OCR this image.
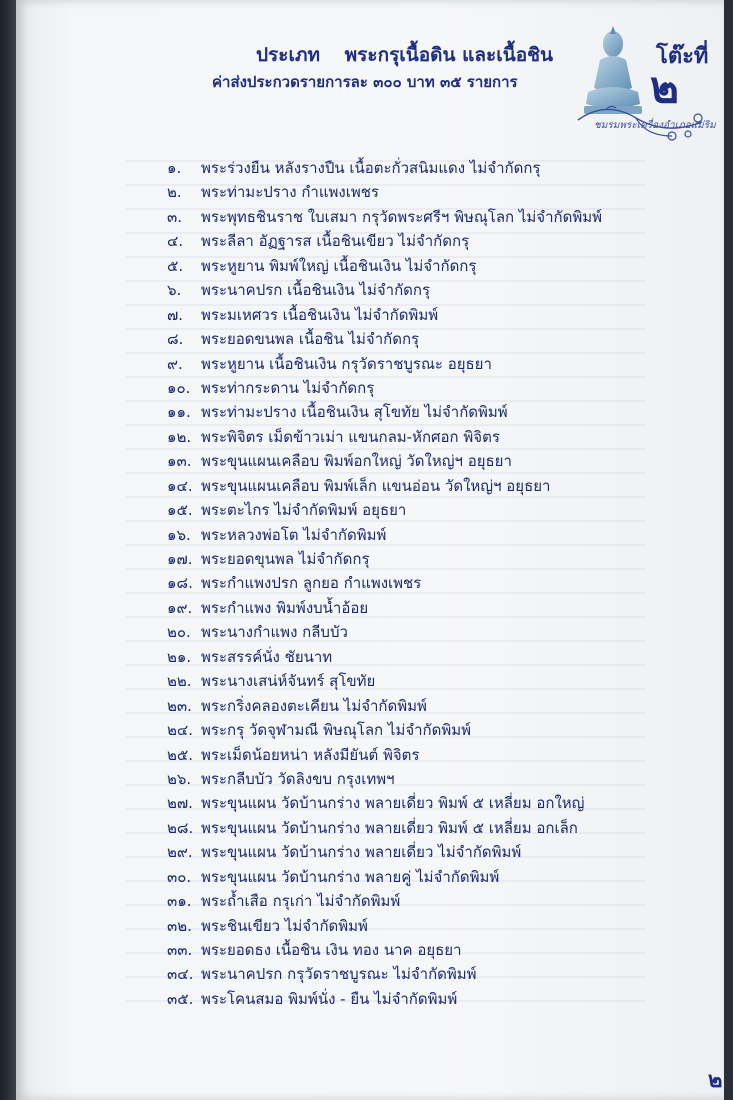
ประเภท พระกรุเนื้อดิน และเนื้อชิน
ค่าส่งประกวดรายการละ ๓๐๐ บาท ๓๕ รายการ
ชมรมพระเครื่องอำเภอแม่ริม
โต๊ะที่
๒
๑. พระร่วงยืน หลังรางปืน เนื้อตะกั่วสนิมแดง ไม่จำกัดกรุ
๒. พระท่ามะปราง กำแพงเพชร
๓. พระพุทธชินราช ใบเสมา กรุวัดพระศรีฯ พิษณุโลก ไม่จำกัดพิมพ์
๔. พระลีลา อัฏฐารส เนื้อชินเขียว ไม่จำกัดกรุ
๕. พระหูยาน พิมพ์ใหญ่ เนื้อชินเงิน ไม่จำกัดกรุ
๖. พระนาคปรก เนื้อชินเงิน ไม่จำกัดกรุ
๗. พระมเหศวร เนื้อชินเงิน ไม่จำกัดพิมพ์
๘. พระยอดขนพล เนื้อชิน ไม่จำกัดกรุ
๙. พระหูยาน เนื้อชินเงิน กรุวัดราชบูรณะ อยุธยา
๑๐. พระท่ากระดาน ไม่จำกัดกรุ
๑๑. พระท่ามะปราง เนื้อชินเงิน สุโขทัย ไม่จำกัดพิมพ์
๑๒. พระพิจิตร เม็ดข้าวเม่า แขนกลม-หักศอก พิจิตร
๑๓. พระขุนแผนเคลือบ พิมพ์อกใหญ่ วัดใหญ่ฯ อยุธยา
๑๔. พระขุนแผนเคลือบ พิมพ์เล็ก แขนอ่อน วัดใหญ่ฯ อยุธยา
๑๕. พระตะไกร ไม่จำกัดพิมพ์ อยุธยา
๑๖. พระหลวงพ่อโต ไม่จำกัดพิมพ์
๑๗. พระยอดขุนพล ไม่จำกัดกรุ
๑๘. พระกำแพงปรก ลูกยอ กำแพงเพชร
๑๙. พระกำแพง พิมพ์งบน้ำอ้อย
๒๐. พระนางกำแพง กลีบบัว
๒๑. พระสรรค์นั่ง ชัยนาท
๒๒. พระนางเสน่ห์จันทร์ สุโขทัย
๒๓. พระกริ่งคลองตะเคียน ไม่จำกัดพิมพ์
๒๔. พระกรุ วัดจุฬามณี พิษณุโลก ไม่จำกัดพิมพ์
๒๕. พระเม็ดน้อยหน่า หลังมียันต์ พิจิตร
๒๖. พระกลีบบัว วัดลิงขบ กรุงเทพฯ
๒๗. พระขุนแผน วัดบ้านกร่าง พลายเดี่ยว พิมพ์ ๕ เหลี่ยม อกใหญ่
๒๘. พระขุนแผน วัดบ้านกร่าง พลายเดี่ยว พิมพ์ ๕ เหลี่ยม อกเล็ก
๒๙. พระขุนแผน วัดบ้านกร่าง พลายเดี่ยว ไม่จำกัดพิมพ์
๓๐. พระขุนแผน วัดบ้านกร่าง พลายคู่ ไม่จำกัดพิมพ์
๓๑. พระถ้ำเสือ กรุเก่า ไม่จำกัดพิมพ์
๓๒. พระชินเขียว ไม่จำกัดพิมพ์
๓๓. พระยอดธง เนื้อชิน เงิน ทอง นาค อยุธยา
๓๔. พระนาคปรก กรุวัดราชบูรณะ ไม่จำกัดพิมพ์
๓๕. พระโคนสมอ พิมพ์นั่ง - ยืน ไม่จำกัดพิมพ์
๒
